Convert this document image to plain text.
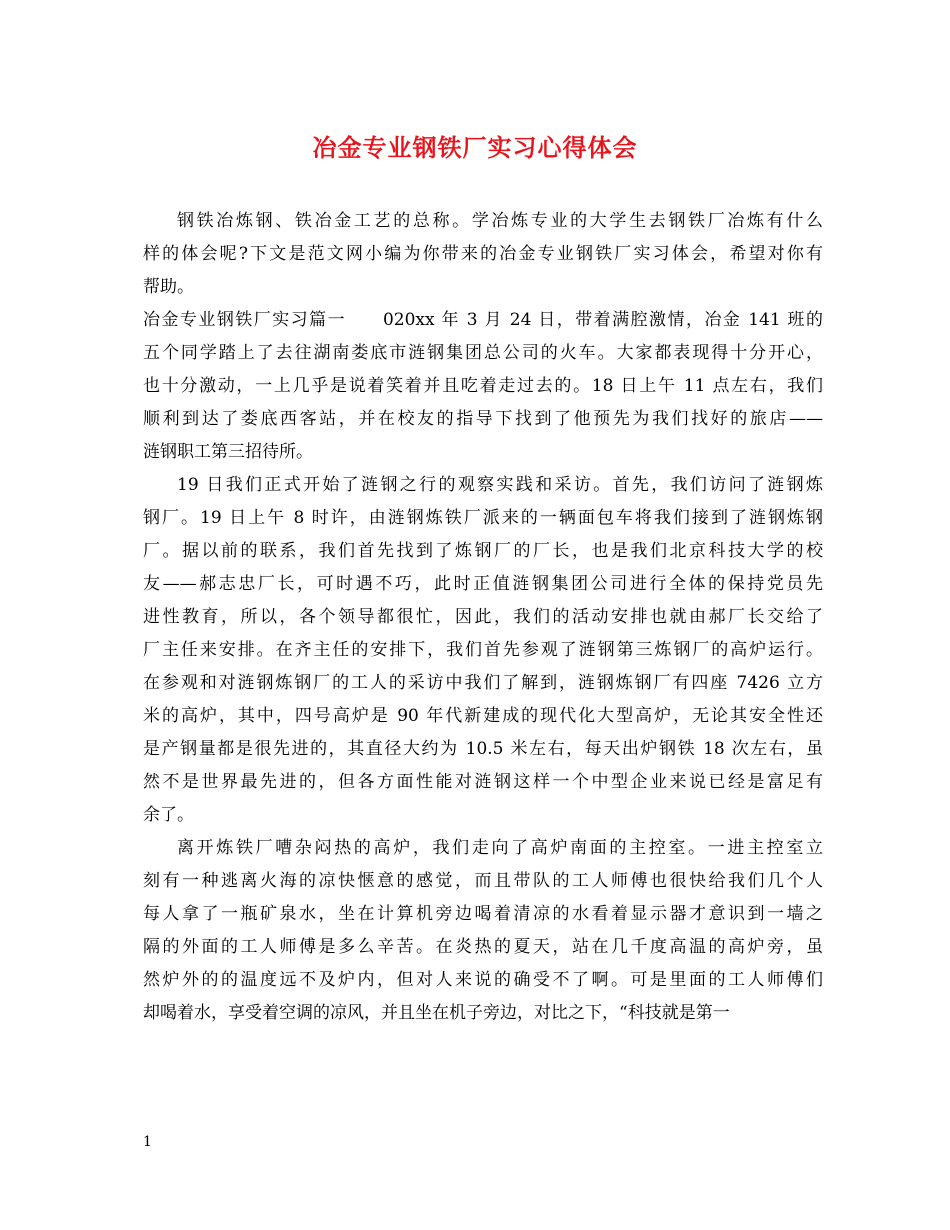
冶金专业钢铁厂实习心得体会
钢铁冶炼钢、铁冶金工艺的总称。学冶炼专业的大学生去钢铁厂冶炼有什么
样的体会呢?下文是范文网小编为你带来的冶金专业钢铁厂实习体会，希望对你有
帮助。
冶金专业钢铁厂实习篇一　　020xx 年 3 月 24 日，带着满腔激情，冶金 141 班的
五个同学踏上了去往湖南娄底市涟钢集团总公司的火车。大家都表现得十分开心，
也十分激动，一上几乎是说着笑着并且吃着走过去的。18 日上午 11 点左右，我们
顺利到达了娄底西客站，并在校友的指导下找到了他预先为我们找好的旅店——
涟钢职工第三招待所。
19 日我们正式开始了涟钢之行的观察实践和采访。首先，我们访问了涟钢炼
钢厂。19 日上午 8 时许，由涟钢炼铁厂派来的一辆面包车将我们接到了涟钢炼钢
厂。据以前的联系，我们首先找到了炼钢厂的厂长，也是我们北京科技大学的校
友——郝志忠厂长，可时遇不巧，此时正值涟钢集团公司进行全体的保持党员先
进性教育，所以，各个领导都很忙，因此，我们的活动安排也就由郝厂长交给了
厂主任来安排。在齐主任的安排下，我们首先参观了涟钢第三炼钢厂的高炉运行。
在参观和对涟钢炼钢厂的工人的采访中我们了解到，涟钢炼钢厂有四座 7426 立方
米的高炉，其中，四号高炉是 90 年代新建成的现代化大型高炉，无论其安全性还
是产钢量都是很先进的，其直径大约为 10.5 米左右，每天出炉钢铁 18 次左右，虽
然不是世界最先进的，但各方面性能对涟钢这样一个中型企业来说已经是富足有
余了。
离开炼铁厂嘈杂闷热的高炉，我们走向了高炉南面的主控室。一进主控室立
刻有一种逃离火海的凉快惬意的感觉，而且带队的工人师傅也很快给我们几个人
每人拿了一瓶矿泉水，坐在计算机旁边喝着清凉的水看着显示器才意识到一墙之
隔的外面的工人师傅是多么辛苦。在炎热的夏天，站在几千度高温的高炉旁，虽
然炉外的的温度远不及炉内，但对人来说的确受不了啊。可是里面的工人师傅们
却喝着水，享受着空调的凉风，并且坐在机子旁边，对比之下，“科技就是第一
1
